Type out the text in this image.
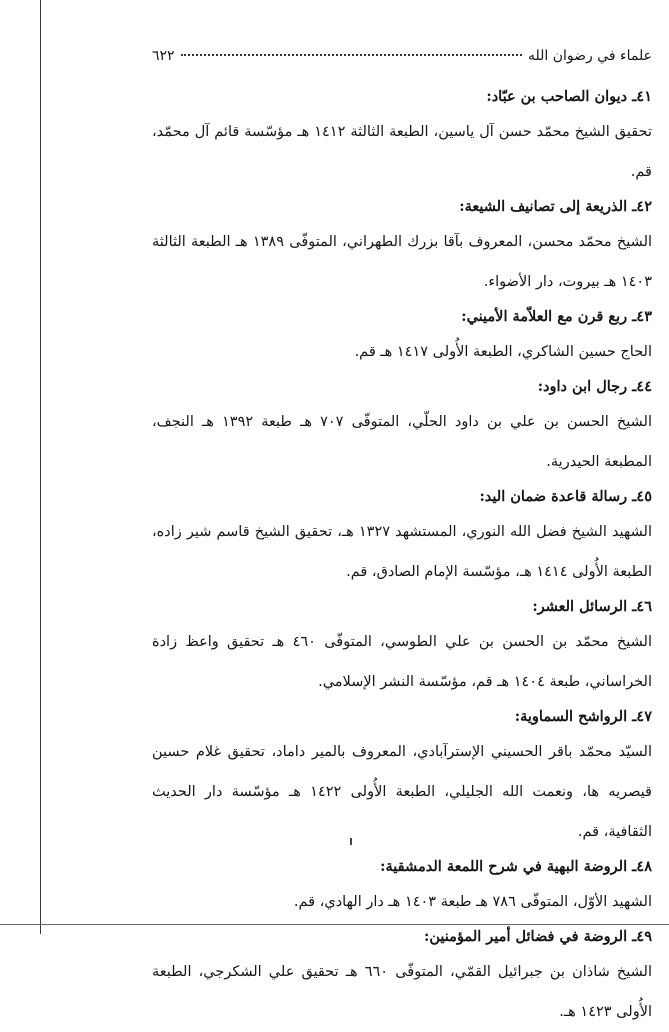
علماء في رضوان الله
٦٢٢
٤١ـ ديوان الصاحب بن عبّاد:
تحقيق الشيخ محمّد حسن آل ياسين، الطبعة الثالثة ١٤١٢ هـ مؤسّسة قائم آل محمّد، قم.
٤٢ـ الذريعة إلى تصانيف الشيعة:
الشيخ محمّد محسن، المعروف بآقا بزرك الطهراني، المتوفّى ١٣٨٩ هـ الطبعة الثالثة ١٤٠٣ هـ بيروت، دار الأضواء.
٤٣ـ ربع قرن مع العلاّمة الأميني:
الحاج حسين الشاكري، الطبعة الأُولى ١٤١٧ هـ قم.
٤٤ـ رجال ابن داود:
الشيخ الحسن بن علي بن داود الحلّي، المتوفّى ٧٠٧ هـ طبعة ١٣٩٢ هـ النجف، المطبعة الحيدرية.
٤٥ـ رسالة قاعدة ضمان اليد:
الشهيد الشيخ فضل الله النوري، المستشهد ١٣٢٧ هـ، تحقيق الشيخ قاسم شير زاده، الطبعة الأُولى ١٤١٤ هـ، مؤسّسة الإمام الصادق، قم.
٤٦ـ الرسائل العشر:
الشيخ محمّد بن الحسن بن علي الطوسي، المتوفّى ٤٦٠ هـ تحقيق واعظ زادة الخراساني، طبعة ١٤٠٤ هـ قم، مؤسّسة النشر الإسلامي.
٤٧ـ الرواشح السماوية:
السيّد محمّد باقر الحسيني الإسترآبادي، المعروف بالمير داماد، تحقيق غلام حسين قيصريه ها، ونعمت الله الجليلي، الطبعة الأُولى ١٤٢٢ هـ مؤسّسة دار الحديث الثقافية، قم.
٤٨ـ الروضة البهية في شرح اللمعة الدمشقية:
الشهيد الأوّل، المتوفّى ٧٨٦ هـ طبعة ١٤٠٣ هـ دار الهادي، قم.
٤٩ـ الروضة في فضائل أمير المؤمنين:
الشيخ شاذان بن جبرائيل القمّي، المتوفّى ٦٦٠ هـ تحقيق علي الشكرجي، الطبعة الأُولى ١٤٢٣ هـ.
